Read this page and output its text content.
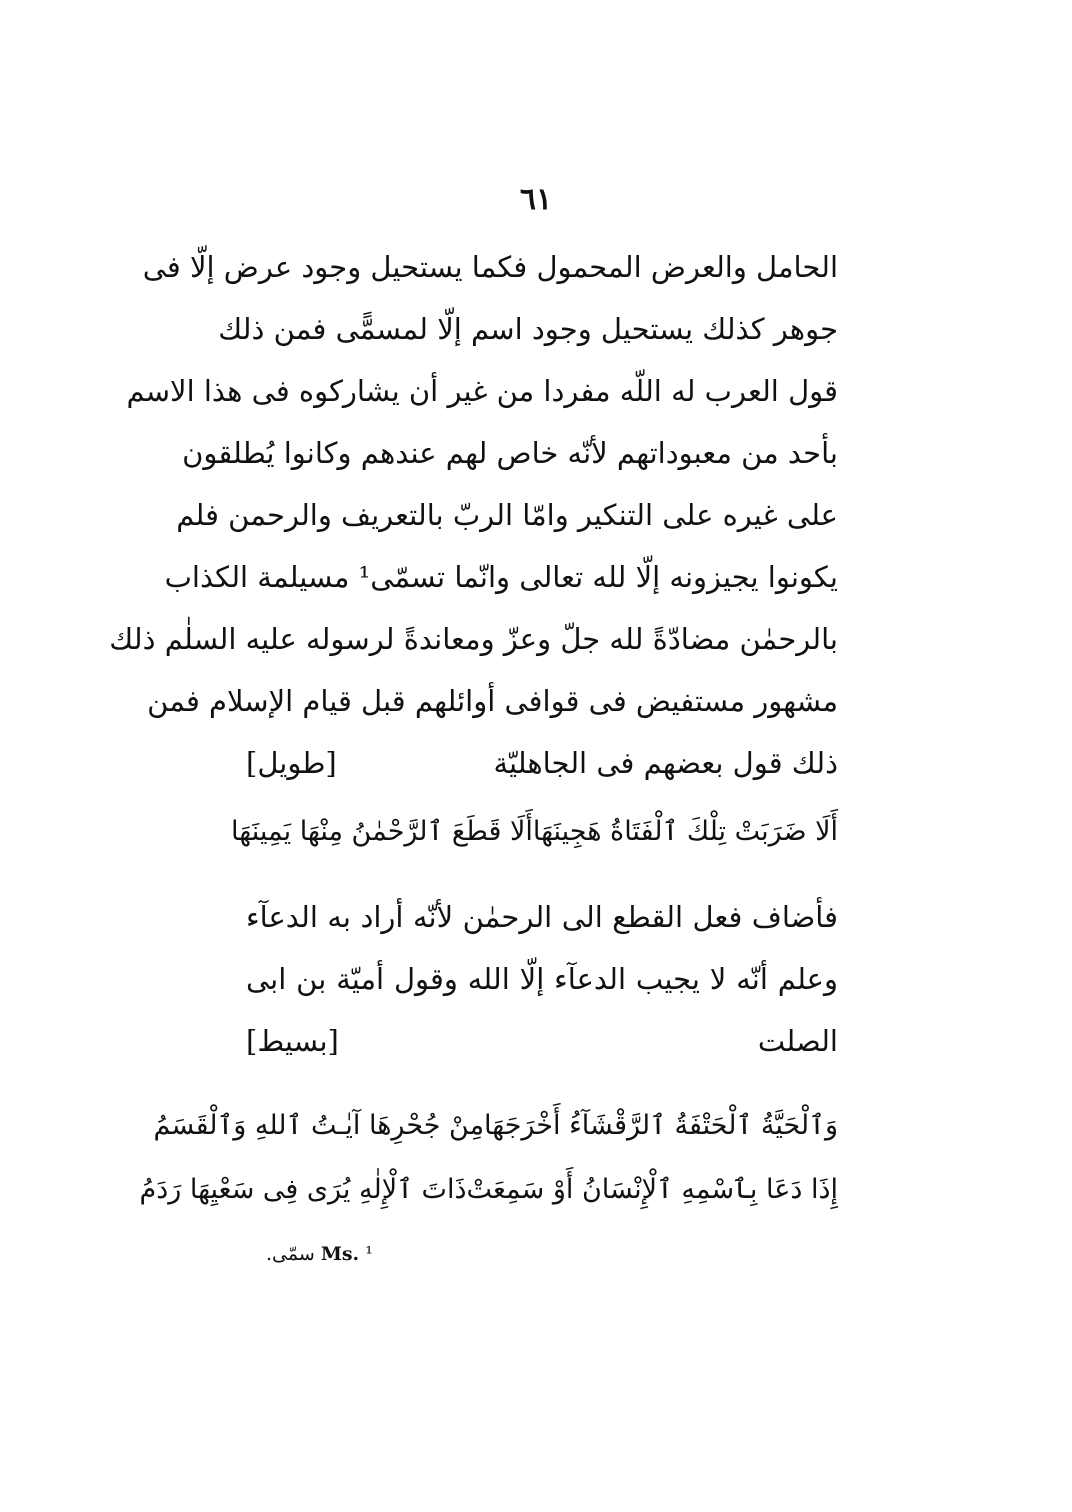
٦١
الحامل والعرض المحمول فكما يستحيل وجود عرض إلّا فى
جوهر كذلك يستحيل وجود اسم إلّا لمسمًّى فمن ذلك
قول العرب له اللّه مفردا من غير أن يشاركوه فى هذا الاسم
بأحد من معبوداتهم لأنّه خاص لهم عندهم وكانوا يُطلقون
على غيره على التنكير وامّا الربّ بالتعريف والرحمن فلم
يكونوا يجيزونه إلّا لله تعالى وانّما تسمّى¹ مسيلمة الكذاب
بالرحمٰن مضادّةً لله جلّ وعزّ ومعاندةً لرسوله عليه السلٰم ذلك
مشهور مستفيض فى قوافى أوائلهم قبل قيام الإسلام فمن
ذلك قول بعضهم فى الجاهليّة
[طويل]
أَلَا ضَرَبَتْ تِلْكَ ٱلْفَتَاةُ هَجِينَهَا
أَلَا قَطَعَ ٱلرَّحْمٰنُ مِنْهَا يَمِينَهَا
فأضاف فعل القطع الى الرحمٰن لأنّه أراد به الدعآء
وعلم أنّه لا يجيب الدعآء إلّا الله وقول أميّة بن ابى
الصلت
[بسيط]
وَٱلْحَيَّةُ ٱلْحَتْفَةُ ٱلرَّقْشَآءُ أَخْرَجَهَا
مِنْ جُحْرِهَا آيٰـتُ ٱللهِ وَٱلْقَسَمُ
إِذَا دَعَا بِٱسْمِهِ ٱلْإِنْسَانُ أَوْ سَمِعَتْ
ذَاتَ ٱلْإِلٰهِ يُرَى فِى سَعْيِهَا رَدَمُ
¹ Ms. سمّى.
